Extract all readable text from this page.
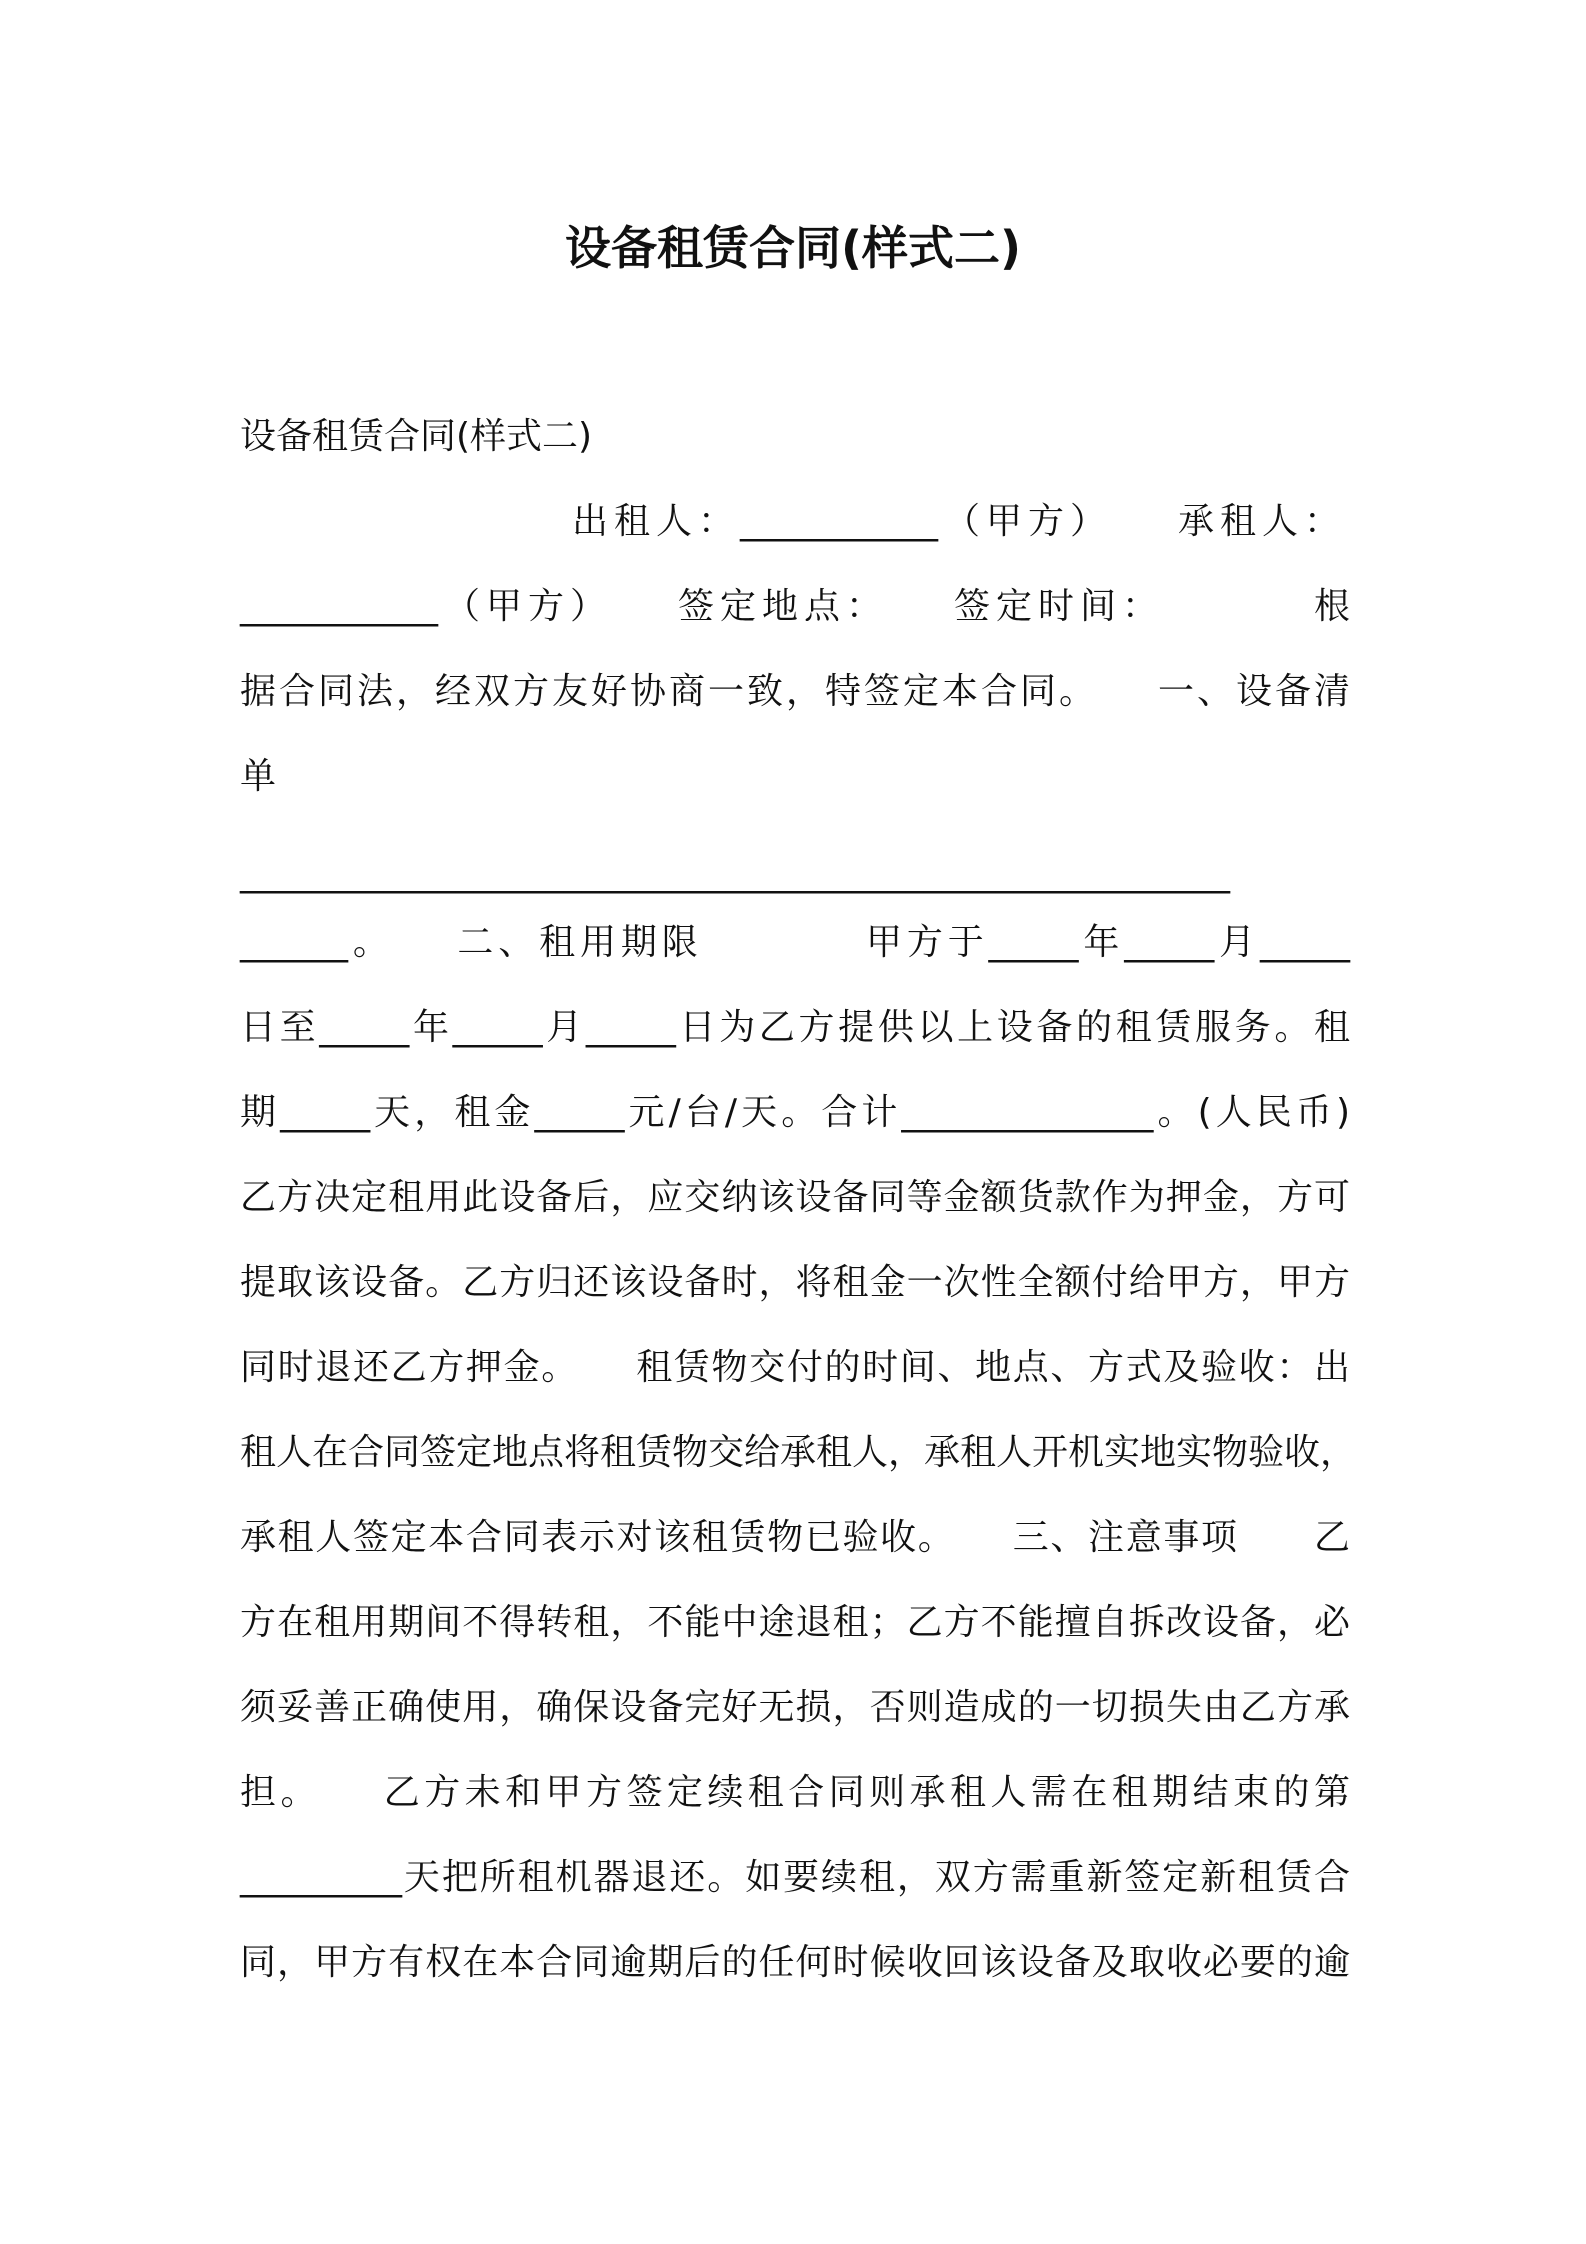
设备租赁合同(样式二)

设备租赁合同(样式二)

出租人：___________（甲方）　　承租人：

___________（甲方）　　签定地点：　　签定时间：　　　　根

据合同法，经双方友好协商一致，特签定本合同。　　一、设备清

单

_______________________________________________________

______。　　二、租用期限　　　　甲方于_____年_____月_____

日至_____年_____月_____日为乙方提供以上设备的租赁服务。租

期_____天，租金_____元/台/天。合计______________。(人民币)

乙方决定租用此设备后，应交纳该设备同等金额货款作为押金，方可

提取该设备。乙方归还该设备时，将租金一次性全额付给甲方，甲方

同时退还乙方押金。　　租赁物交付的时间、地点、方式及验收：出

租人在合同签定地点将租赁物交给承租人，承租人开机实地实物验收，

承租人签定本合同表示对该租赁物已验收。　　三、注意事项　　乙

方在租用期间不得转租，不能中途退租；乙方不能擅自拆改设备，必

须妥善正确使用，确保设备完好无损，否则造成的一切损失由乙方承

担。　　乙方未和甲方签定续租合同则承租人需在租期结束的第

_________天把所租机器退还。如要续租，双方需重新签定新租赁合

同，甲方有权在本合同逾期后的任何时候收回该设备及取收必要的逾
